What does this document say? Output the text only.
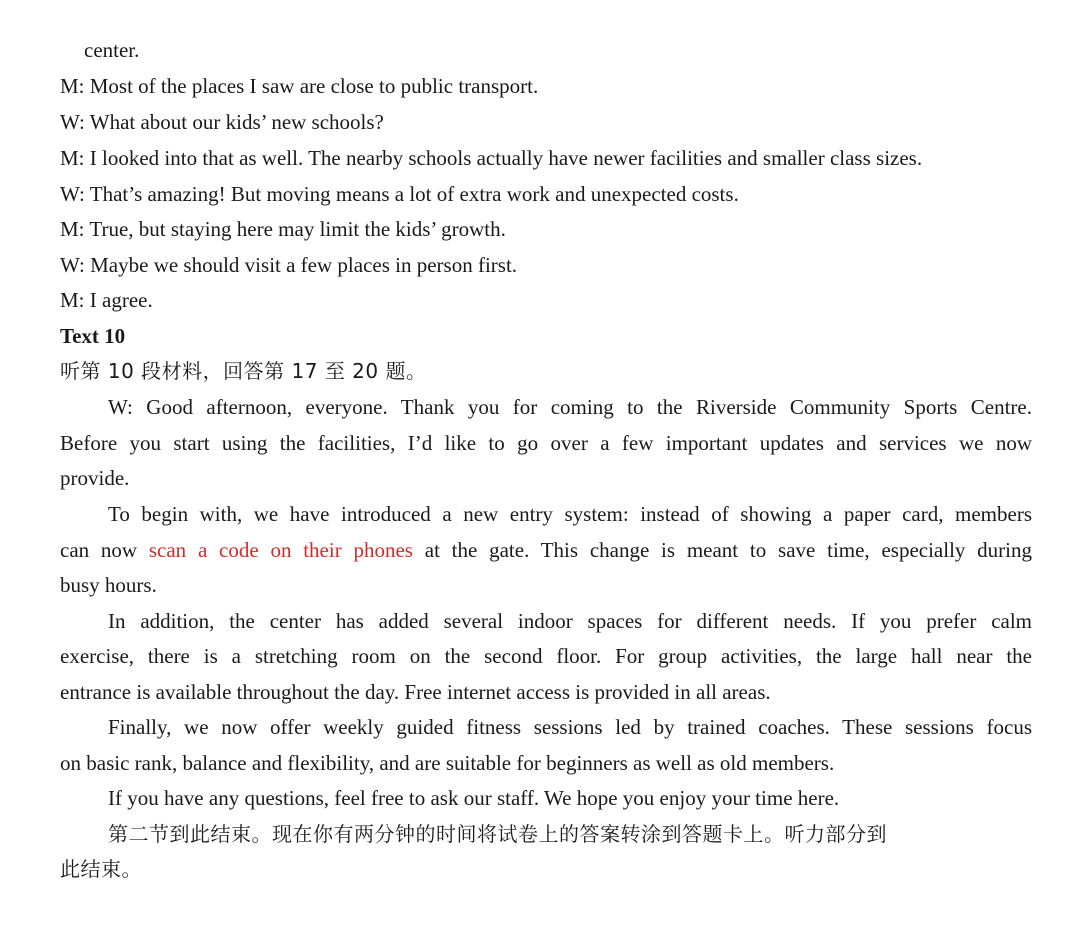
center.
M: Most of the places I saw are close to public transport.
W: What about our kids’ new schools?
M: I looked into that as well. The nearby schools actually have newer facilities and smaller class sizes.
W: That’s amazing! But moving means a lot of extra work and unexpected costs.
M: True, but staying here may limit the kids’ growth.
W: Maybe we should visit a few places in person first.
M: I agree.
Text 10
听第 10 段材料，回答第 17 至 20 题。
W: Good afternoon, everyone. Thank you for coming to the Riverside Community Sports Centre.
Before you start using the facilities, I’d like to go over a few important updates and services we now
provide.
To begin with, we have introduced a new entry system: instead of showing a paper card, members
can now scan a code on their phones at the gate. This change is meant to save time, especially during
busy hours.
In addition, the center has added several indoor spaces for different needs. If you prefer calm
exercise, there is a stretching room on the second floor. For group activities, the large hall near the
entrance is available throughout the day. Free internet access is provided in all areas.
Finally, we now offer weekly guided fitness sessions led by trained coaches. These sessions focus
on basic rank, balance and flexibility, and are suitable for beginners as well as old members.
If you have any questions, feel free to ask our staff. We hope you enjoy your time here.
第二节到此结束。现在你有两分钟的时间将试卷上的答案转涂到答题卡上。听力部分到
此结束。
